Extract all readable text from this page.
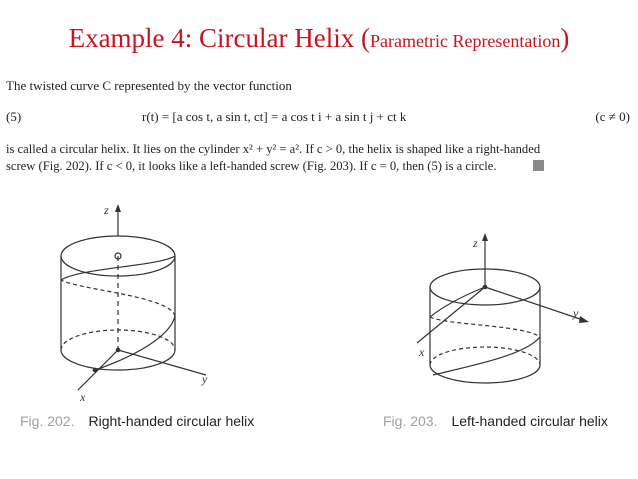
Example 4: Circular Helix (Parametric Representation)
The twisted curve C represented by the vector function
(5)	r(t) = [a cos t, a sin t, ct] = a cos t i + a sin t j + ct k	(c ≠ 0)
is called a circular helix. It lies on the cylinder x² + y² = a². If c > 0, the helix is shaped like a right-handed
screw (Fig. 202). If c < 0, it looks like a left-handed screw (Fig. 203). If c = 0, then (5) is a circle.
z
y
x
z
y
x
Fig. 202. Right-handed circular helix	Fig. 203. Left-handed circular helix
